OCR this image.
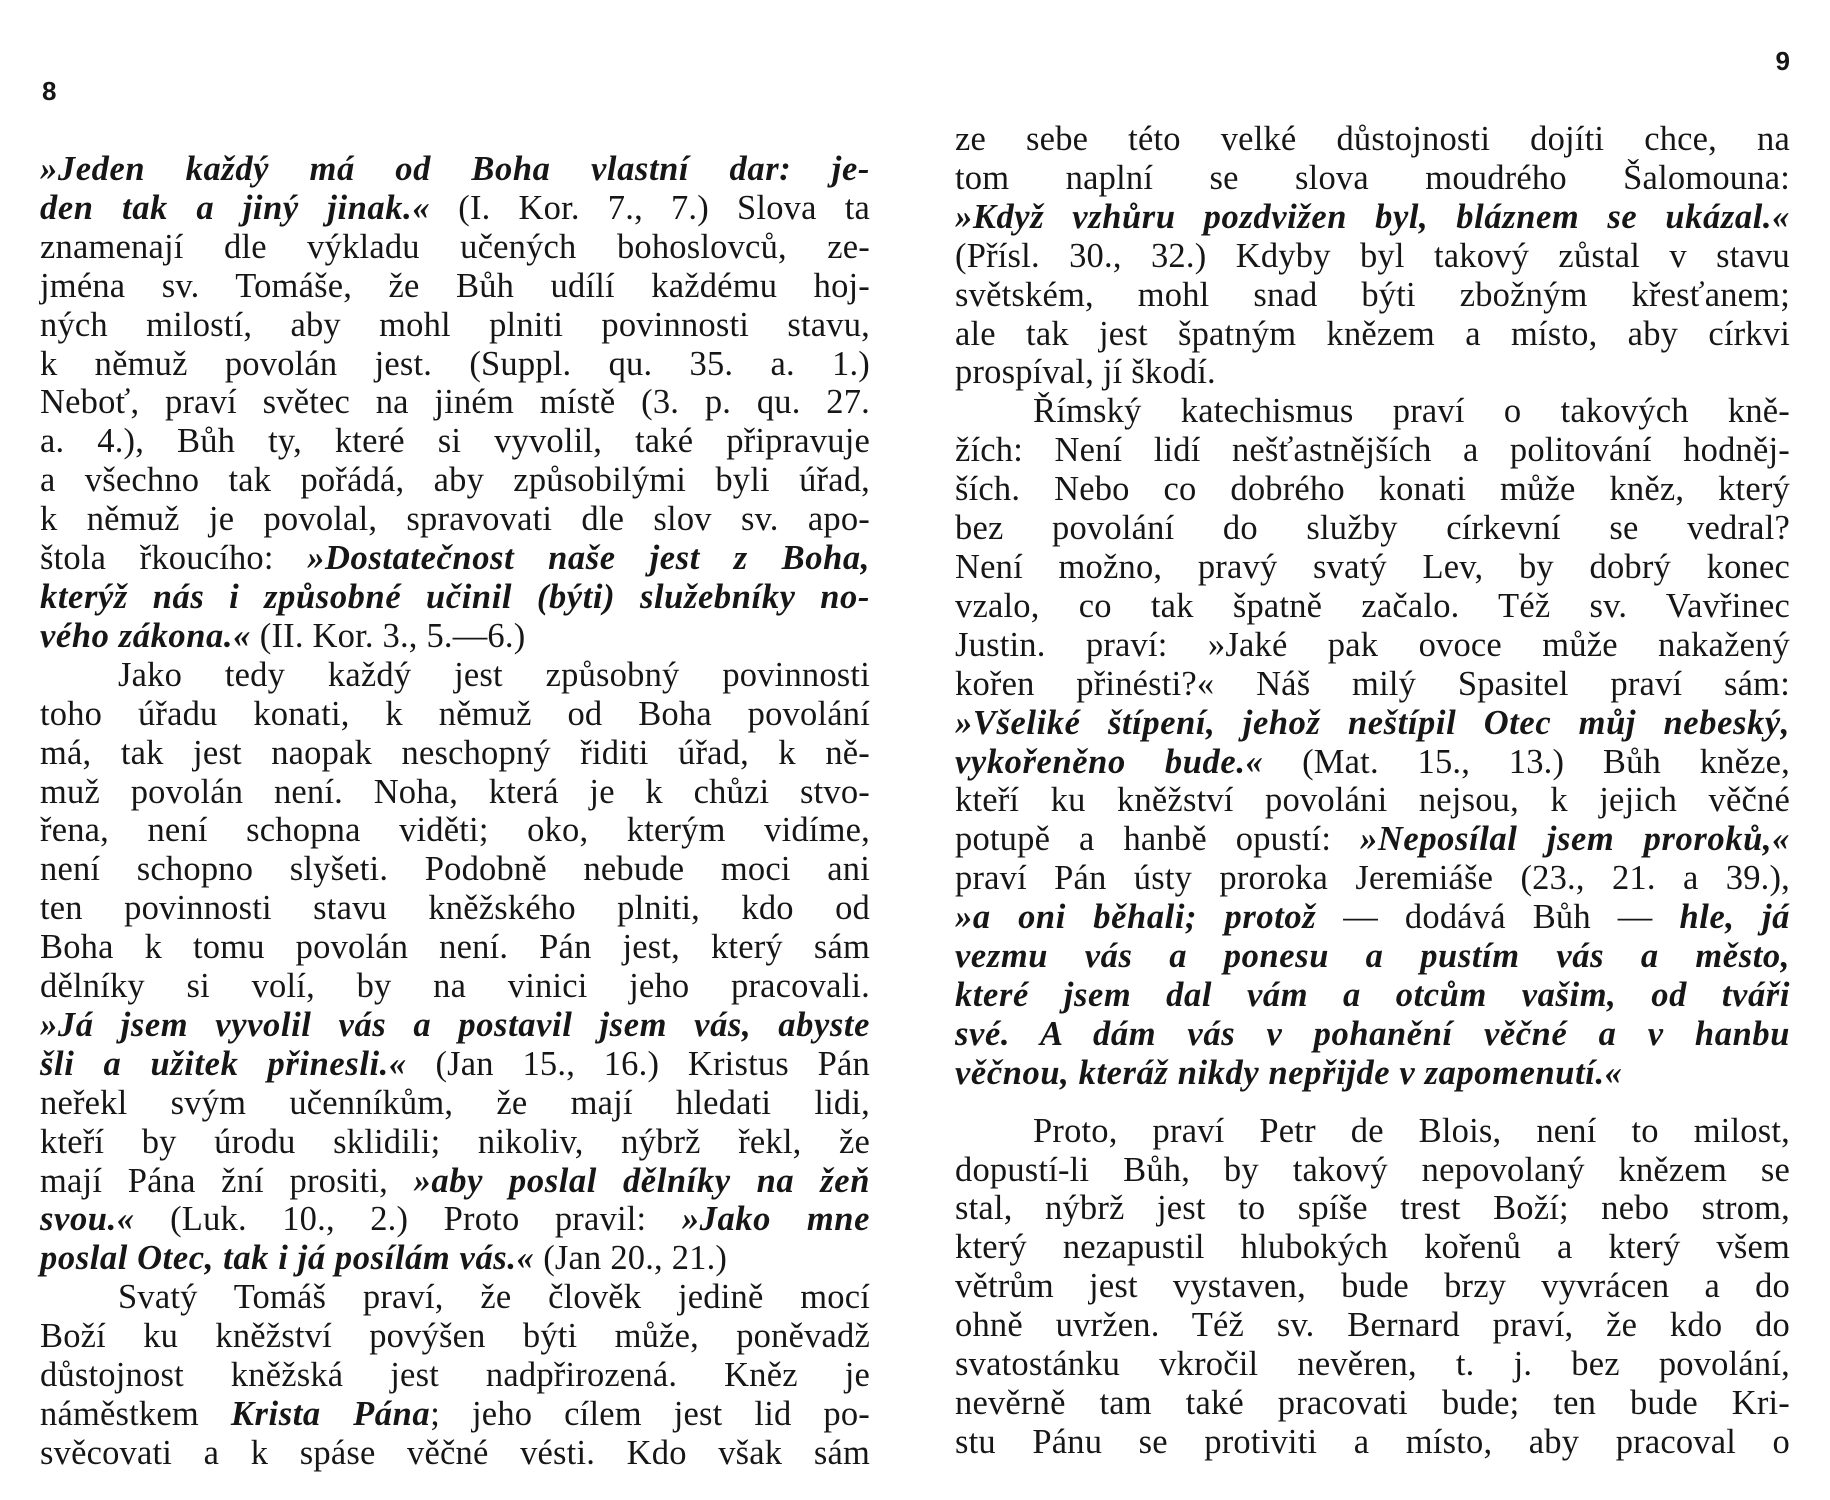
8
»Jeden každý má od Boha vlastní dar: je-
den tak a jiný jinak.« (I. Kor. 7., 7.) Slova ta
znamenají dle výkladu učených bohoslovců, ze-
jména sv. Tomáše, že Bůh udílí každému hoj-
ných milostí, aby mohl plniti povinnosti stavu,
k němuž povolán jest. (Suppl. qu. 35. a. 1.)
Neboť, praví světec na jiném místě (3. p. qu. 27.
a. 4.), Bůh ty, které si vyvolil, také připravuje
a všechno tak pořádá, aby způsobilými byli úřad,
k němuž je povolal, spravovati dle slov sv. apo-
štola řkoucího: »Dostatečnost naše jest z Boha,
kterýž nás i způsobné učinil (býti) služebníky no-
vého zákona.« (II. Kor. 3., 5.—6.)
Jako tedy každý jest způsobný povinnosti
toho úřadu konati, k němuž od Boha povolání
má, tak jest naopak neschopný řiditi úřad, k ně-
muž povolán není. Noha, která je k chůzi stvo-
řena, není schopna viděti; oko, kterým vidíme,
není schopno slyšeti. Podobně nebude moci ani
ten povinnosti stavu kněžského plniti, kdo od
Boha k tomu povolán není. Pán jest, který sám
dělníky si volí, by na vinici jeho pracovali.
»Já jsem vyvolil vás a postavil jsem vás, abyste
šli a užitek přinesli.« (Jan 15., 16.) Kristus Pán
neřekl svým učenníkům, že mají hledati lidi,
kteří by úrodu sklidili; nikoliv, nýbrž řekl, že
mají Pána žní prositi, »aby poslal dělníky na žeň
svou.« (Luk. 10., 2.) Proto pravil: »Jako mne
poslal Otec, tak i já posílám vás.« (Jan 20., 21.)
Svatý Tomáš praví, že člověk jedině mocí
Boží ku kněžství povýšen býti může, poněvadž
důstojnost kněžská jest nadpřirozená. Kněz je
náměstkem Krista Pána; jeho cílem jest lid po-
svěcovati a k spáse věčné vésti. Kdo však sám
9
ze sebe této velké důstojnosti dojíti chce, na
tom naplní se slova moudrého Šalomouna:
»Když vzhůru pozdvižen byl, bláznem se ukázal.«
(Přísl. 30., 32.) Kdyby byl takový zůstal v stavu
světském, mohl snad býti zbožným křesťanem;
ale tak jest špatným knězem a místo, aby církvi
prospíval, jí škodí.
Římský katechismus praví o takových kně-
žích: Není lidí nešťastnějších a politování hodněj-
ších. Nebo co dobrého konati může kněz, který
bez povolání do služby církevní se vedral?
Není možno, pravý svatý Lev, by dobrý konec
vzalo, co tak špatně začalo. Též sv. Vavřinec
Justin. praví: »Jaké pak ovoce může nakažený
kořen přinésti?« Náš milý Spasitel praví sám:
»Všeliké štípení, jehož neštípil Otec můj nebeský,
vykořeněno bude.« (Mat. 15., 13.) Bůh kněze,
kteří ku kněžství povoláni nejsou, k jejich věčné
potupě a hanbě opustí: »Neposílal jsem proroků,«
praví Pán ústy proroka Jeremiáše (23., 21. a 39.),
»a oni běhali; protož — dodává Bůh — hle, já
vezmu vás a ponesu a pustím vás a město,
které jsem dal vám a otcům vašim, od tváři
své. A dám vás v pohanění věčné a v hanbu
věčnou, kteráž nikdy nepřijde v zapomenutí.«
Proto, praví Petr de Blois, není to milost,
dopustí-li Bůh, by takový nepovolaný knězem se
stal, nýbrž jest to spíše trest Boží; nebo strom,
který nezapustil hlubokých kořenů a který všem
větrům jest vystaven, bude brzy vyvrácen a do
ohně uvržen. Též sv. Bernard praví, že kdo do
svatostánku vkročil nevěren, t. j. bez povolání,
nevěrně tam také pracovati bude; ten bude Kri-
stu Pánu se protiviti a místo, aby pracoval o
